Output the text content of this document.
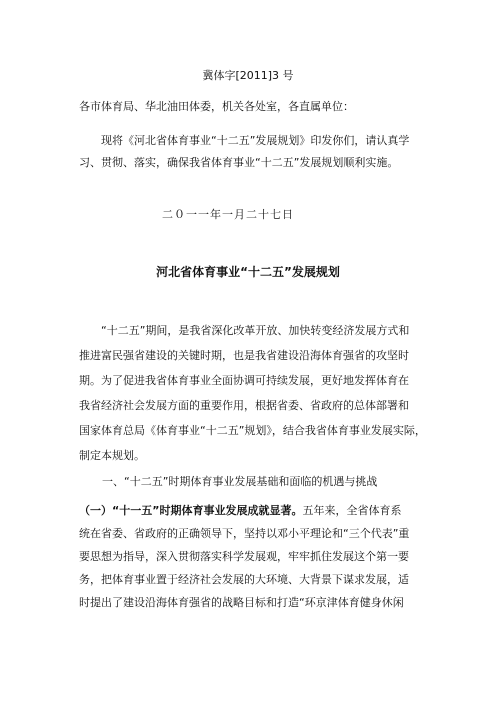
冀体字[2011]3 号
各市体育局、华北油田体委，机关各处室，各直属单位：
　　现将《河北省体育事业“十二五”发展规划》印发你们，请认真学
习、贯彻、落实，确保我省体育事业“十二五”发展规划顺利实施。
二０一一年一月二十七日
河北省体育事业“十二五”发展规划
　　“十二五”期间，是我省深化改革开放、加快转变经济发展方式和
推进富民强省建设的关键时期，也是我省建设沿海体育强省的攻坚时
期。为了促进我省体育事业全面协调可持续发展，更好地发挥体育在
我省经济社会发展方面的重要作用，根据省委、省政府的总体部署和
国家体育总局《体育事业“十二五”规划》，结合我省体育事业发展实际，
制定本规划。
一、“十二五”时期体育事业发展基础和面临的机遇与挑战
（一）“十一五”时期体育事业发展成就显著。五年来，全省体育系
统在省委、省政府的正确领导下，坚持以邓小平理论和“三个代表”重
要思想为指导，深入贯彻落实科学发展观，牢牢抓住发展这个第一要
务，把体育事业置于经济社会发展的大环境、大背景下谋求发展，适
时提出了建设沿海体育强省的战略目标和打造“环京津体育健身休闲
